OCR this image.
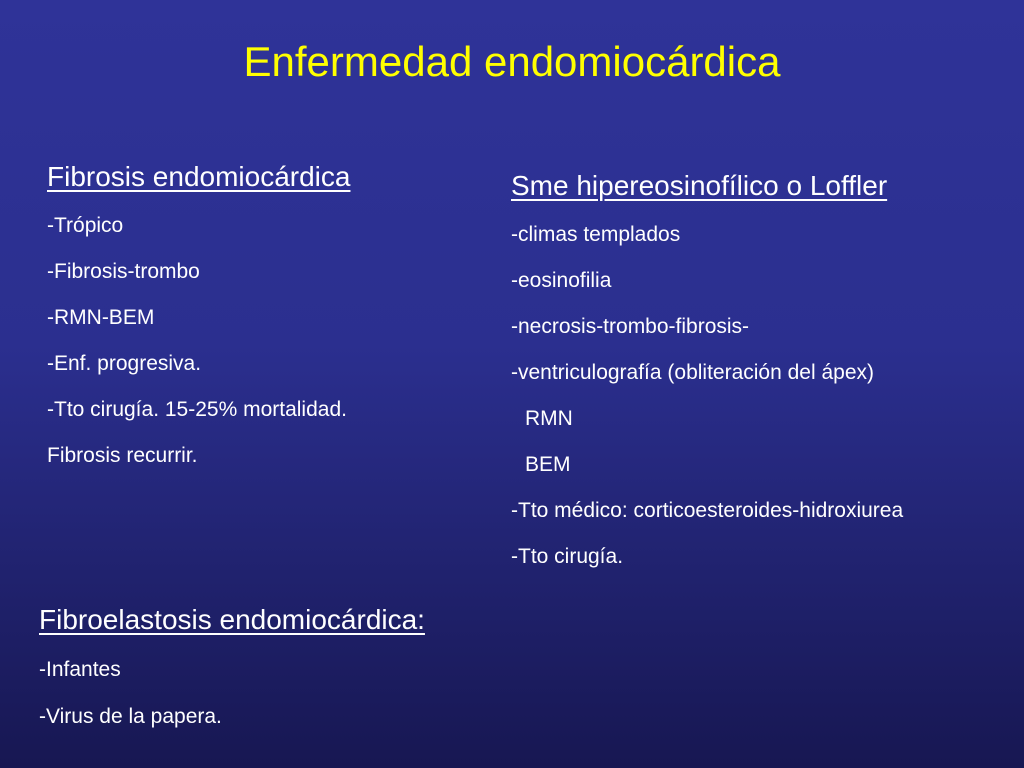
Enfermedad endomiocárdica
Fibrosis endomiocárdica
-Trópico
-Fibrosis-trombo
-RMN-BEM
-Enf. progresiva.
-Tto cirugía. 15-25% mortalidad.
Fibrosis recurrir.
Sme hipereosinofílico o Loffler
-climas templados
-eosinofilia
-necrosis-trombo-fibrosis-
-ventriculografía (obliteración del ápex)
RMN
BEM
-Tto médico: corticoesteroides-hidroxiurea
-Tto cirugía.
Fibroelastosis endomiocárdica:
-Infantes
-Virus de la papera.
